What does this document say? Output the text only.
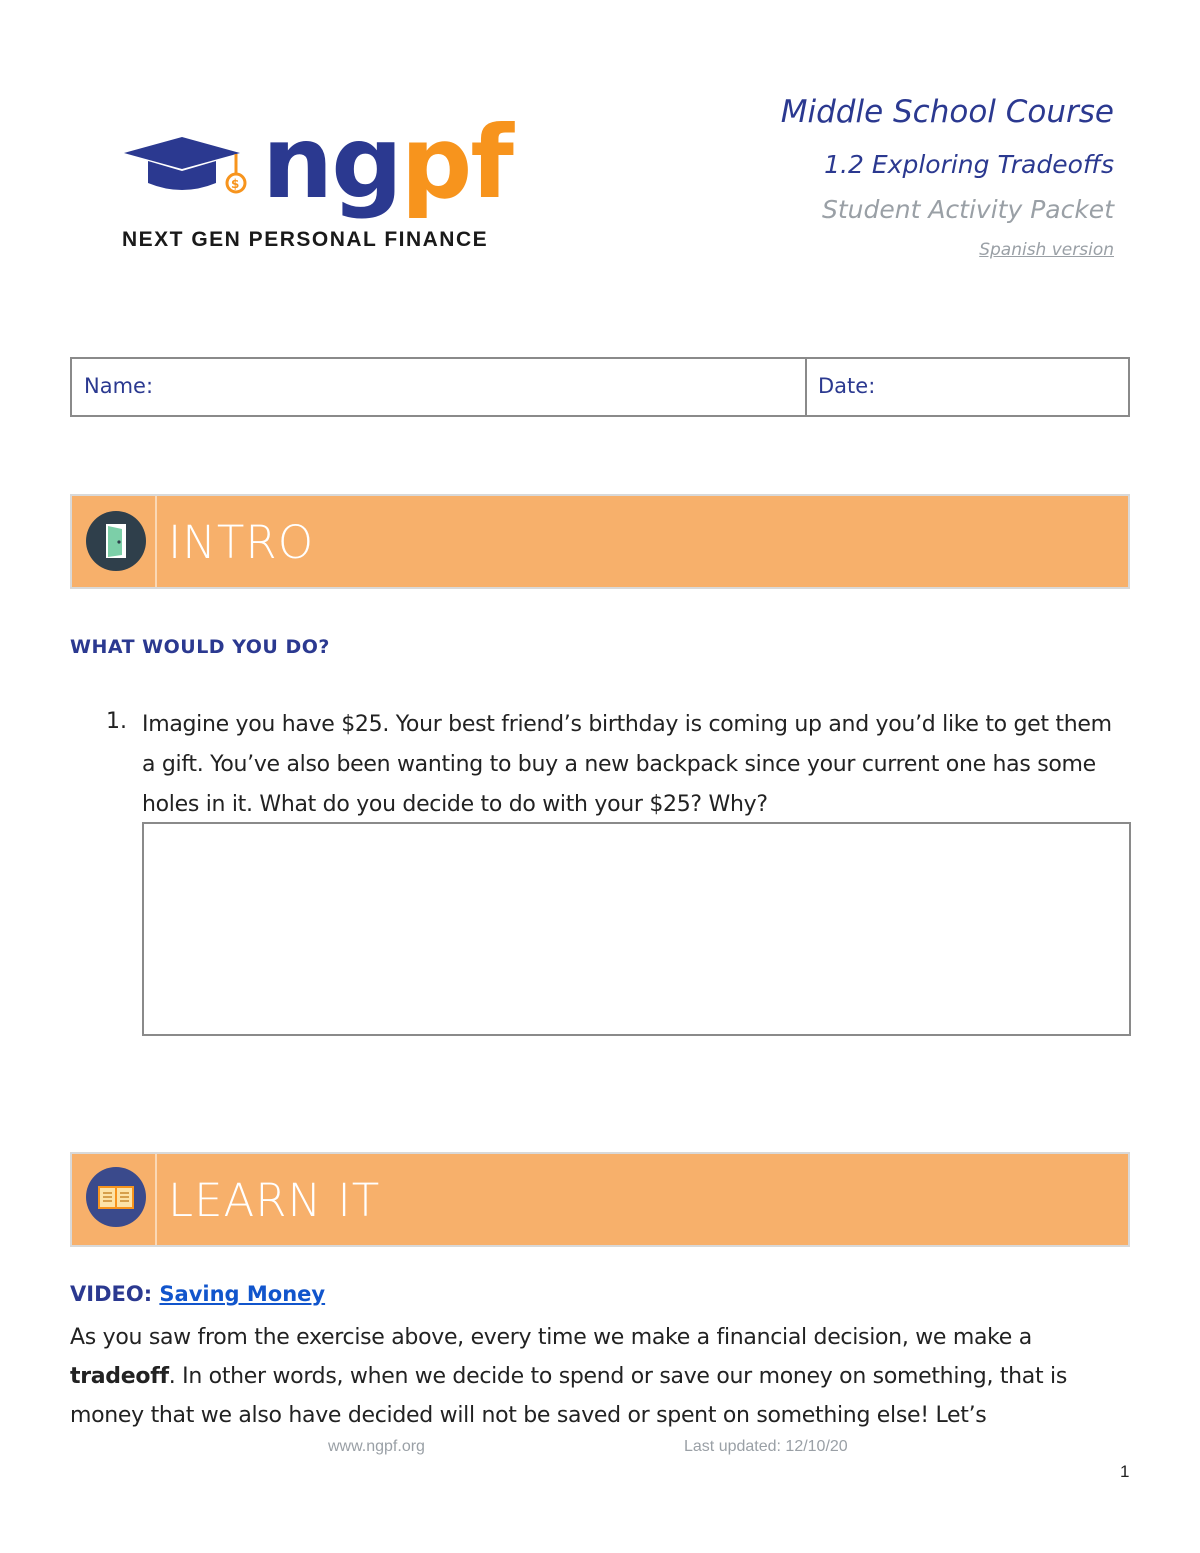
$ ngpf
NEXT GEN PERSONAL FINANCE
Middle School Course
1.2 Exploring Tradeoffs
Student Activity Packet
Spanish version
Name:	Date:
INTRO
WHAT WOULD YOU DO?
1. Imagine you have $25. Your best friend’s birthday is coming up and you’d like to get them a gift. You’ve also been wanting to buy a new backpack since your current one has some holes in it. What do you decide to do with your $25? Why?
LEARN IT
VIDEO: Saving Money
As you saw from the exercise above, every time we make a financial decision, we make a tradeoff. In other words, when we decide to spend or save our money on something, that is money that we also have decided will not be saved or spent on something else! Let’s
www.ngpf.org	Last updated: 12/10/20
1
